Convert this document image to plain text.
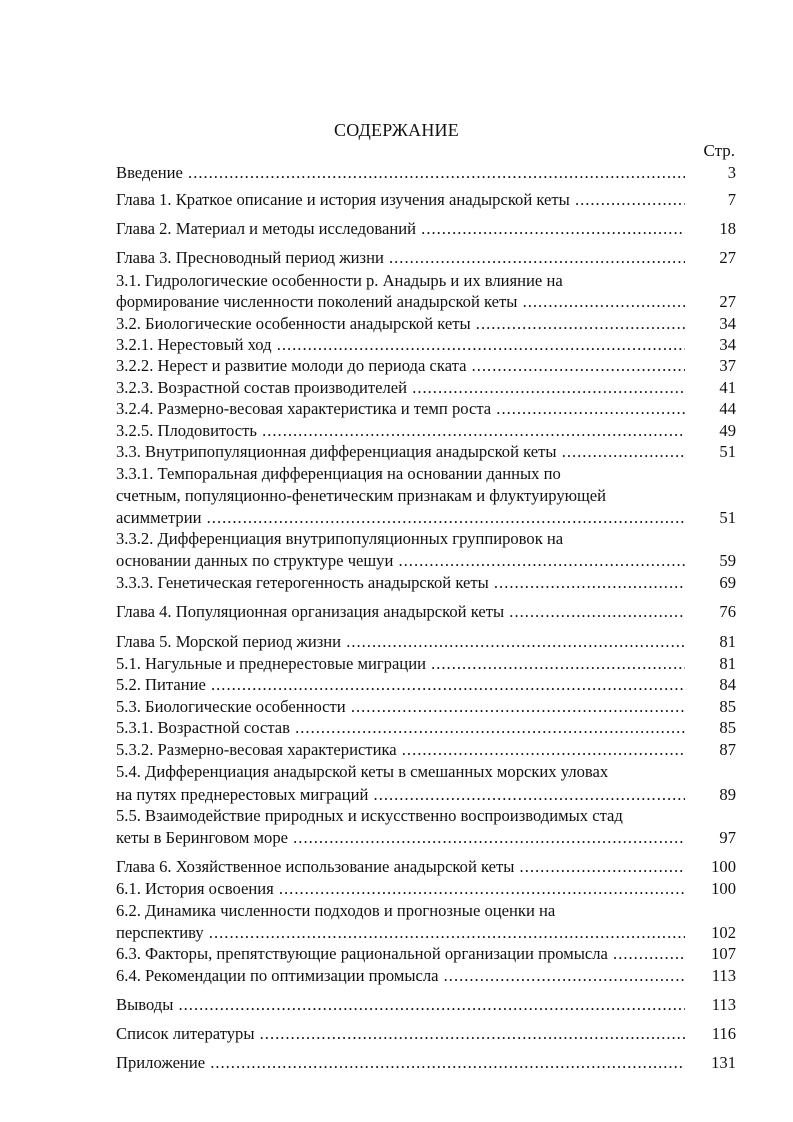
СОДЕРЖАНИЕ
Стр.
Введение .....	3
Глава 1. Краткое описание и история изучения анадырской кеты .....	7
Глава 2. Материал и методы исследований .....	18
Глава 3. Пресноводный период жизни .....	27
3.1. Гидрологические особенности р. Анадырь и их влияние на
формирование численности поколений анадырской кеты .....	27
3.2. Биологические особенности анадырской кеты .....	34
3.2.1. Нерестовый ход .....	34
3.2.2. Нерест и развитие молоди до периода ската .....	37
3.2.3. Возрастной состав производителей .....	41
3.2.4. Размерно-весовая характеристика и темп роста .....	44
3.2.5. Плодовитость .....	49
3.3. Внутрипопуляционная дифференциация анадырской кеты .....	51
3.3.1. Темпоральная дифференциация на основании данных по
счетным, популяционно-фенетическим признакам и флуктуирующей
асимметрии .....	51
3.3.2. Дифференциация внутрипопуляционных группировок на
основании данных по структуре чешуи .....	59
3.3.3. Генетическая гетерогенность анадырской кеты .....	69
Глава 4. Популяционная организация анадырской кеты .....	76
Глава 5. Морской период жизни .....	81
5.1. Нагульные и преднерестовые миграции .....	81
5.2. Питание .....	84
5.3. Биологические особенности .....	85
5.3.1. Возрастной состав .....	85
5.3.2. Размерно-весовая характеристика .....	87
5.4. Дифференциация анадырской кеты в смешанных морских уловах
на путях преднерестовых миграций .....	89
5.5. Взаимодействие природных и искусственно воспроизводимых стад
кеты в Беринговом море .....	97
Глава 6. Хозяйственное использование анадырской кеты .....	100
6.1. История освоения .....	100
6.2. Динамика численности подходов и прогнозные оценки на
перспективу .....	102
6.3. Факторы, препятствующие рациональной организации промысла .....	107
6.4. Рекомендации по оптимизации промысла .....	113
Выводы .....	113
Список литературы .....	116
Приложение .....	131
